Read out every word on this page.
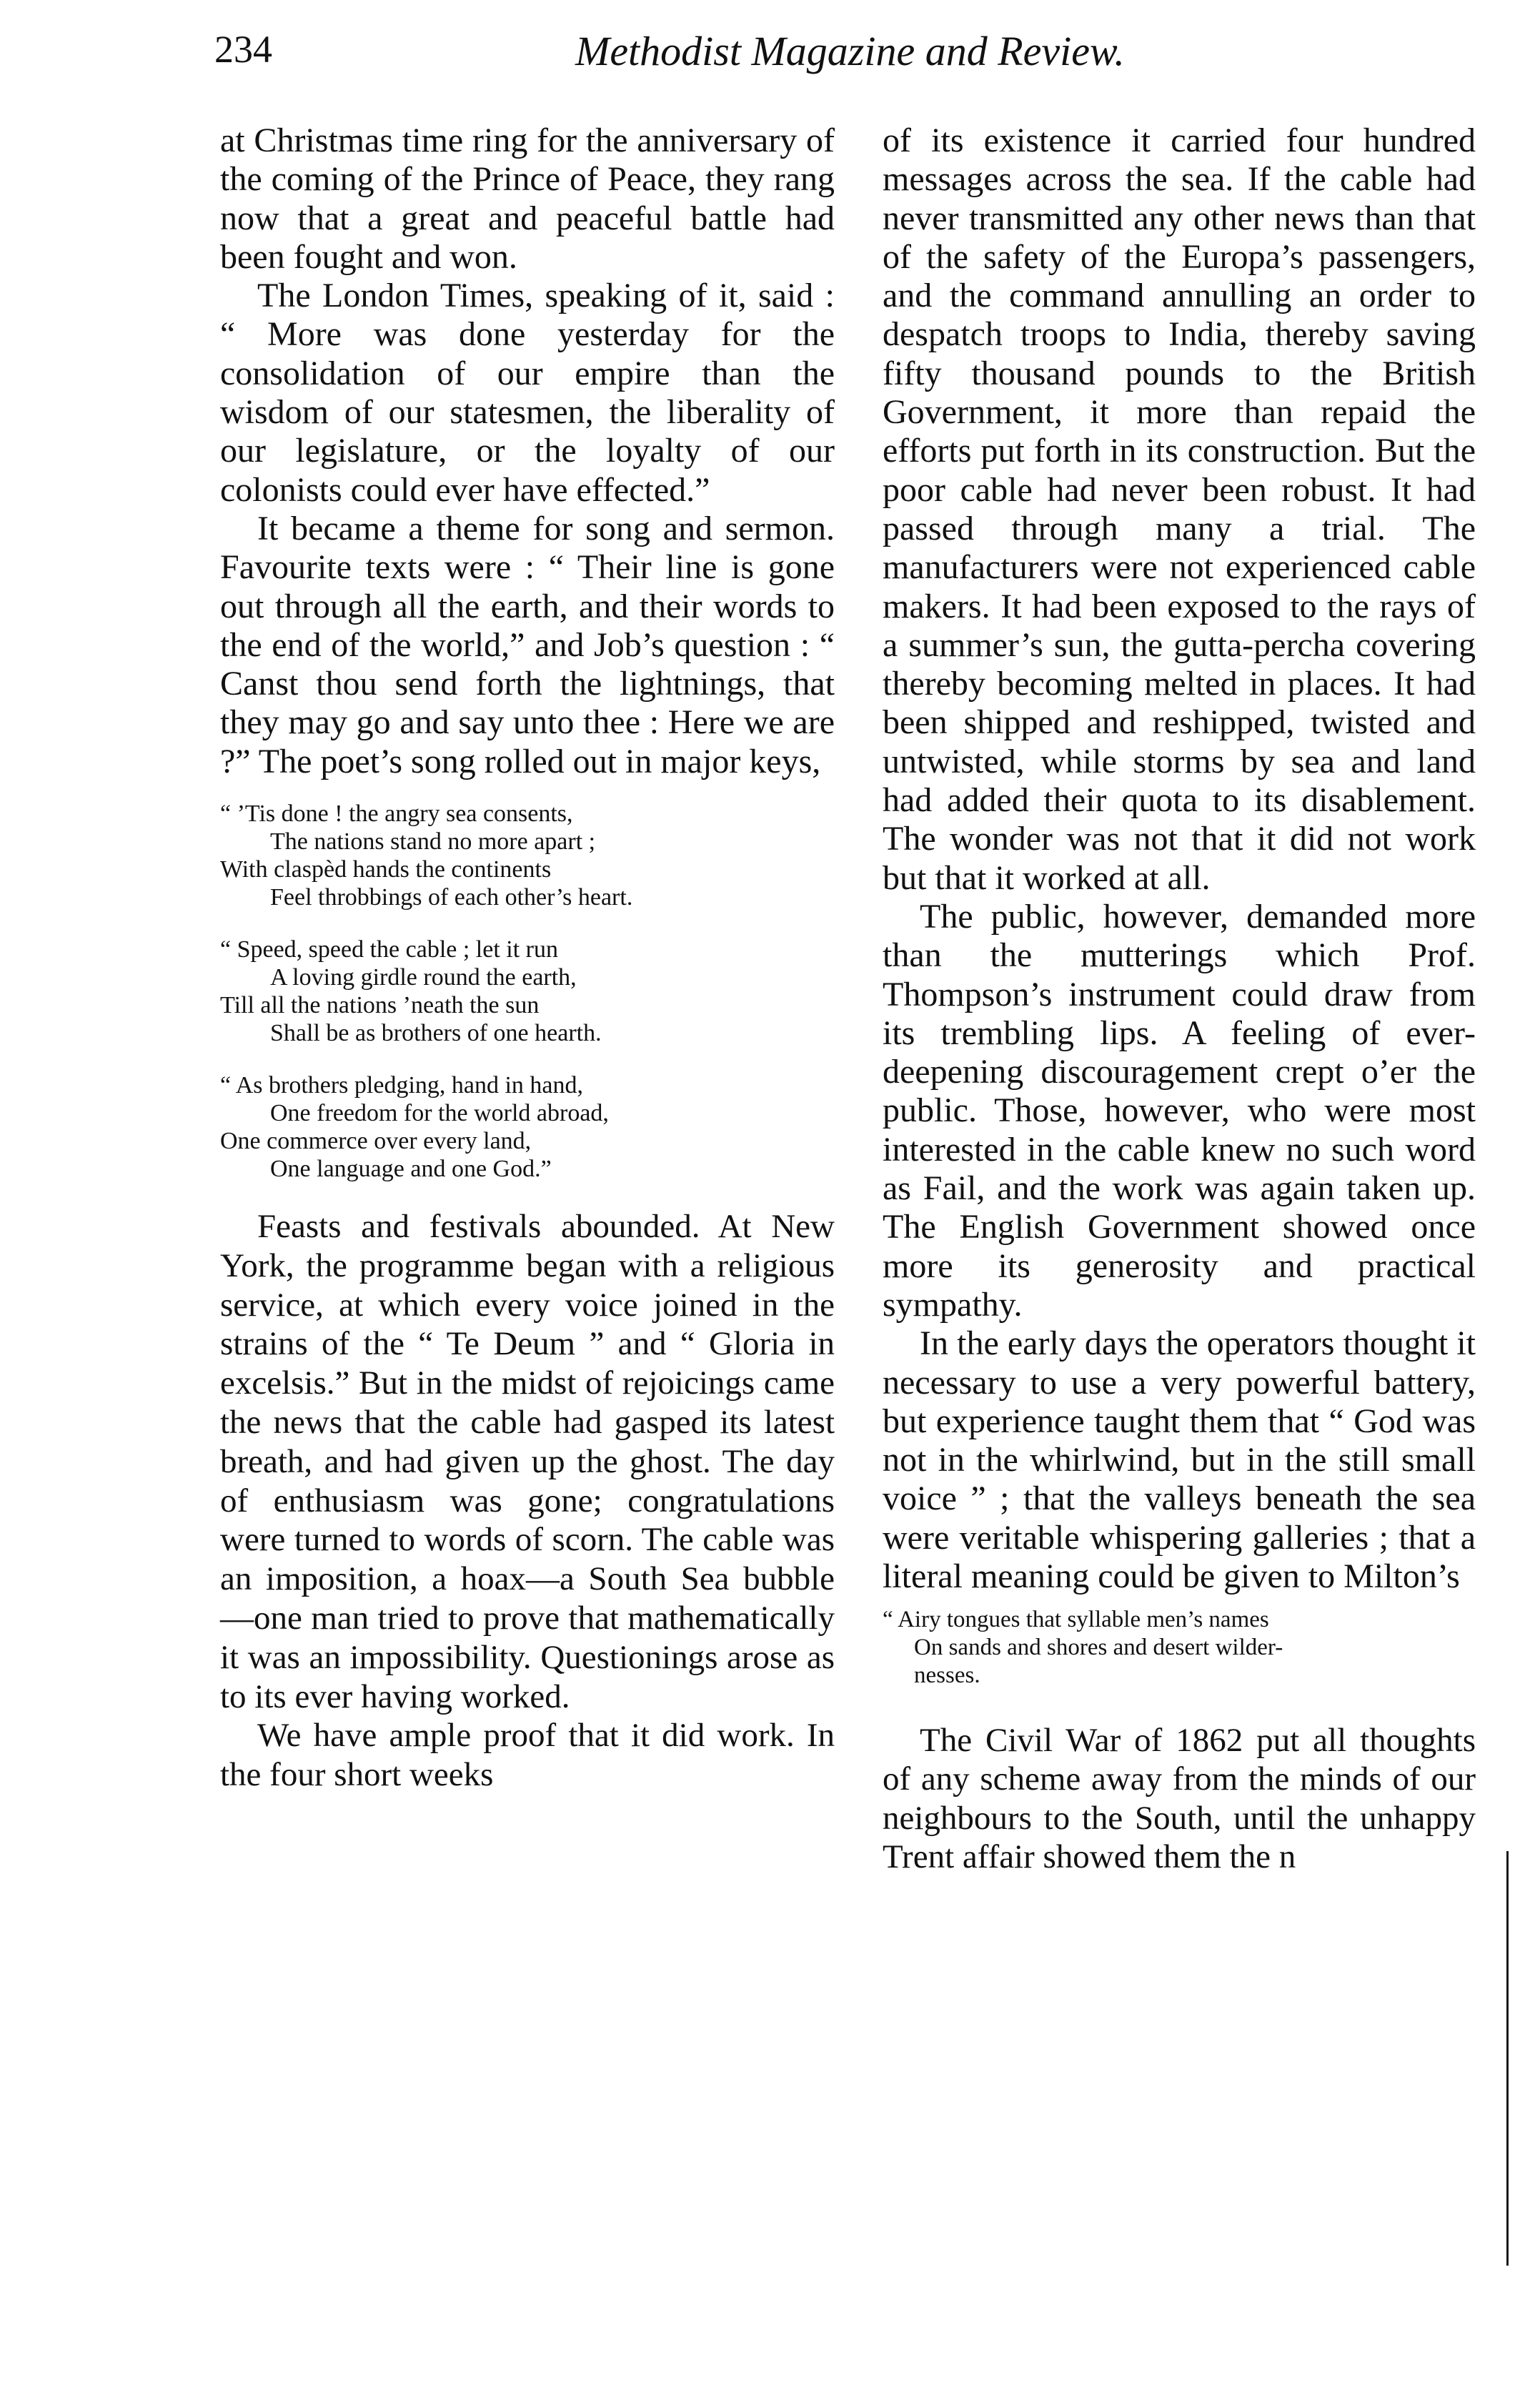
234	Methodist Magazine and Review.

at Christmas time ring for the anniversary of the coming of the Prince of Peace, they rang now that a great and peaceful battle had been fought and won.

The London Times, speaking of it, said : “ More was done yesterday for the consolidation of our empire than the wisdom of our statesmen, the liberality of our legislature, or the loyalty of our colonists could ever have effected.”

It became a theme for song and sermon. Favourite texts were : “ Their line is gone out through all the earth, and their words to the end of the world,” and Job’s question : “ Canst thou send forth the lightnings, that they may go and say unto thee : Here we are ?” The poet’s song rolled out in major keys,

“ ’Tis done ! the angry sea consents,
The nations stand no more apart ;
With claspèd hands the continents
Feel throbbings of each other’s heart.
“ Speed, speed the cable ; let it run
A loving girdle round the earth,
Till all the nations ’neath the sun
Shall be as brothers of one hearth.
“ As brothers pledging, hand in hand,
One freedom for the world abroad,
One commerce over every land,
One language and one God.”

Feasts and festivals abounded. At New York, the programme began with a religious service, at which every voice joined in the strains of the “ Te Deum ” and “ Gloria in excelsis.” But in the midst of rejoicings came the news that the cable had gasped its latest breath, and had given up the ghost. The day of enthusiasm was gone; congratulations were turned to words of scorn. The cable was an imposition, a hoax—a South Sea bubble—one man tried to prove that mathematically it was an impossibility. Questionings arose as to its ever having worked.

We have ample proof that it did work. In the four short weeks

of its existence it carried four hundred messages across the sea. If the cable had never transmitted any other news than that of the safety of the Europa’s passengers, and the command annulling an order to despatch troops to India, thereby saving fifty thousand pounds to the British Government, it more than repaid the efforts put forth in its construction. But the poor cable had never been robust. It had passed through many a trial. The manufacturers were not experienced cable makers. It had been exposed to the rays of a summer’s sun, the gutta-percha covering thereby becoming melted in places. It had been shipped and reshipped, twisted and untwisted, while storms by sea and land had added their quota to its disablement. The wonder was not that it did not work but that it worked at all.

The public, however, demanded more than the mutterings which Prof. Thompson’s instrument could draw from its trembling lips. A feeling of ever-deepening discouragement crept o’er the public. Those, however, who were most interested in the cable knew no such word as Fail, and the work was again taken up. The English Government showed once more its generosity and practical sympathy.

In the early days the operators thought it necessary to use a very powerful battery, but experience taught them that “ God was not in the whirlwind, but in the still small voice ” ; that the valleys beneath the sea were veritable whispering galleries ; that a literal meaning could be given to Milton’s

“ Airy tongues that syllable men’s names
On sands and shores and desert wilder-
nesses.

The Civil War of 1862 put all thoughts of any scheme away from the minds of our neighbours to the South, until the unhappy Trent affair showed them the n
